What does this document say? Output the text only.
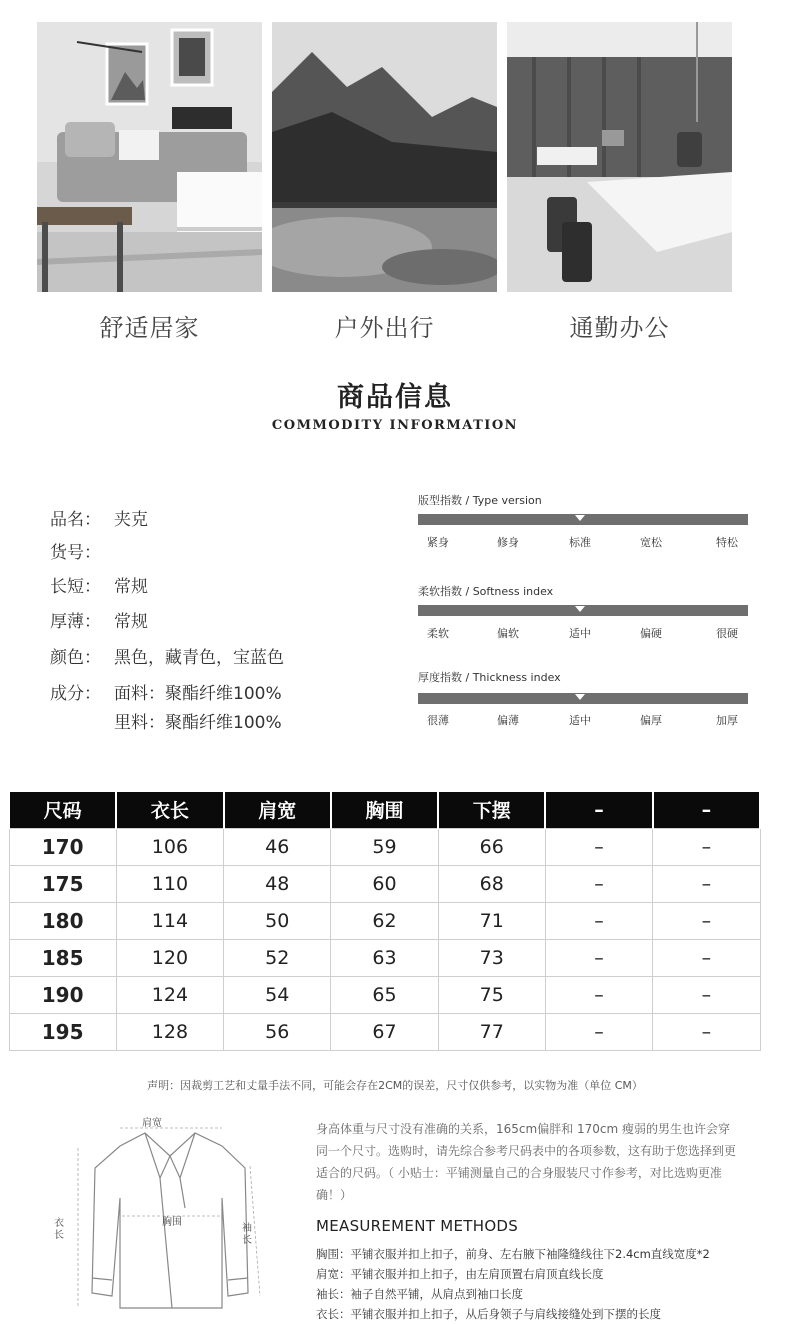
舒适居家	户外出行	通勤办公
商品信息
COMMODITY INFORMATION
品名： 夹克
货号：
长短： 常规
厚薄： 常规
颜色： 黑色，藏青色，宝蓝色
成分： 面料：聚酯纤维100%
里料：聚酯纤维100%
版型指数 / Type version
紧身	修身	标准	宽松	特松
柔软指数 / Softness index
柔软	偏软	适中	偏硬	很硬
厚度指数 / Thickness index
很薄	偏薄	适中	偏厚	加厚
尺码	衣长	肩宽	胸围	下摆	–	–
170	106	46	59	66	–	–
175	110	48	60	68	–	–
180	114	50	62	71	–	–
185	120	52	63	73	–	–
190	124	54	65	75	–	–
195	128	56	67	77	–	–
声明：因裁剪工艺和丈量手法不同，可能会存在2CM的误差，尺寸仅供参考，以实物为准（单位 CM）
肩宽
胸围
衣长
袖长
身高体重与尺寸没有准确的关系，165cm偏胖和 170cm 瘦弱的男生也许会穿同一个尺寸。选购时，请先综合参考尺码表中的各项参数，这有助于您选择到更适合的尺码。（ 小贴士：平铺测量自己的合身服装尺寸作参考，对比选购更准确！）
MEASUREMENT METHODS
胸围：平铺衣服并扣上扣子，前身、左右腋下袖隆缝线往下2.4cm直线宽度*2
肩宽：平铺衣服并扣上扣子，由左肩顶置右肩顶直线长度
袖长：袖子自然平铺，从肩点到袖口长度
衣长：平铺衣服并扣上扣子，从后身领子与肩线接缝处到下摆的长度
